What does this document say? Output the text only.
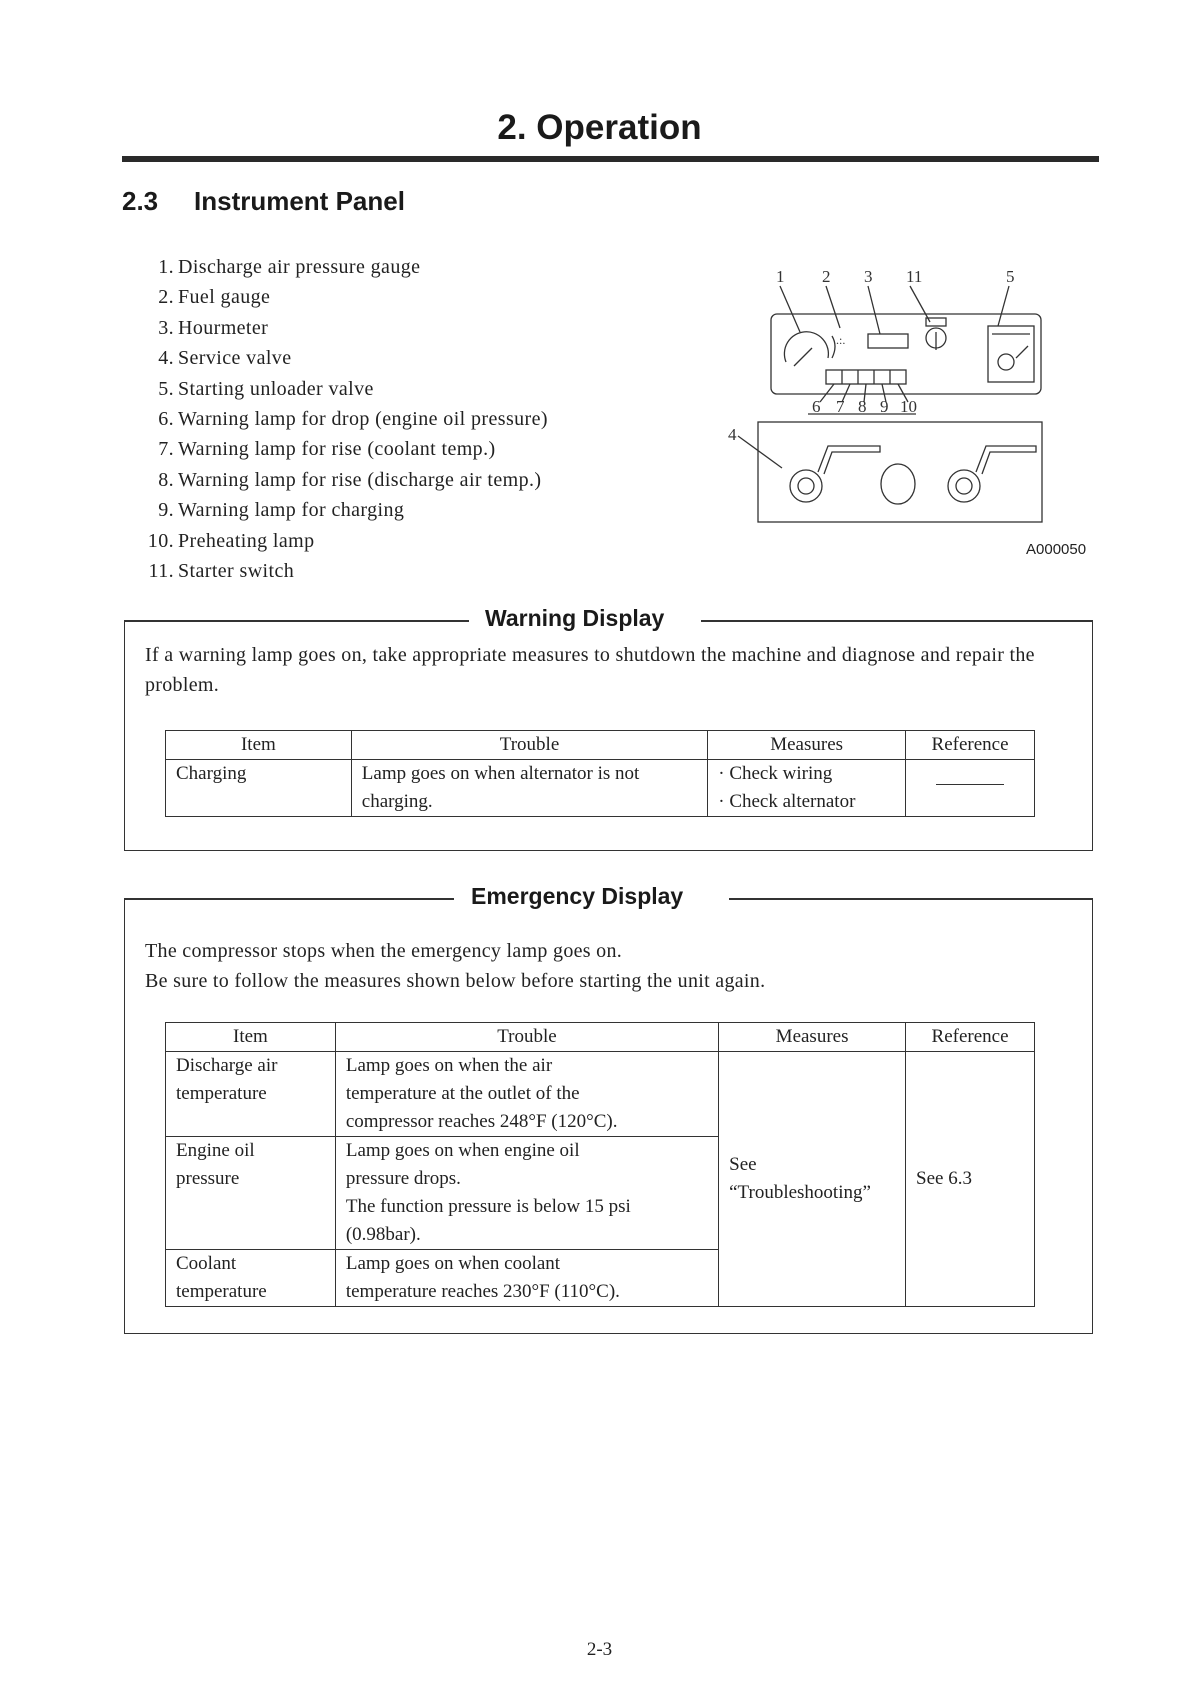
2. Operation
2.3 Instrument Panel
1. Discharge air pressure gauge
2. Fuel gauge
3. Hourmeter
4. Service valve
5. Starting unloader valve
6. Warning lamp for drop (engine oil pressure)
7. Warning lamp for rise (coolant temp.)
8. Warning lamp for rise (discharge air temp.)
9. Warning lamp for charging
10. Preheating lamp
11. Starter switch
1 2 3 11	5
.:.
6 7 8 9 10
4
A000050
Warning Display
If a warning lamp goes on, take appropriate measures to shutdown the machine and diagnose and repair the problem.
Item	Trouble	Measures	Reference
Charging	Lamp goes on when alternator is not charging.	· Check wiring
· Check alternator	

Emergency Display
The compressor stops when the emergency lamp goes on.
Be sure to follow the measures shown below before starting the unit again.
Item	Trouble	Measures	Reference

Discharge air
temperature	Lamp goes on when the air
temperature at the outlet of the
compressor reaches 248°F (120°C).	See
“Troubleshooting”	See 6.3

Engine oil
pressure	Lamp goes on when engine oil
pressure drops.
The function pressure is below 15 psi
(0.98bar).		

Coolant
temperature	Lamp goes on when coolant
temperature reaches 230°F (110°C).		
2-3
